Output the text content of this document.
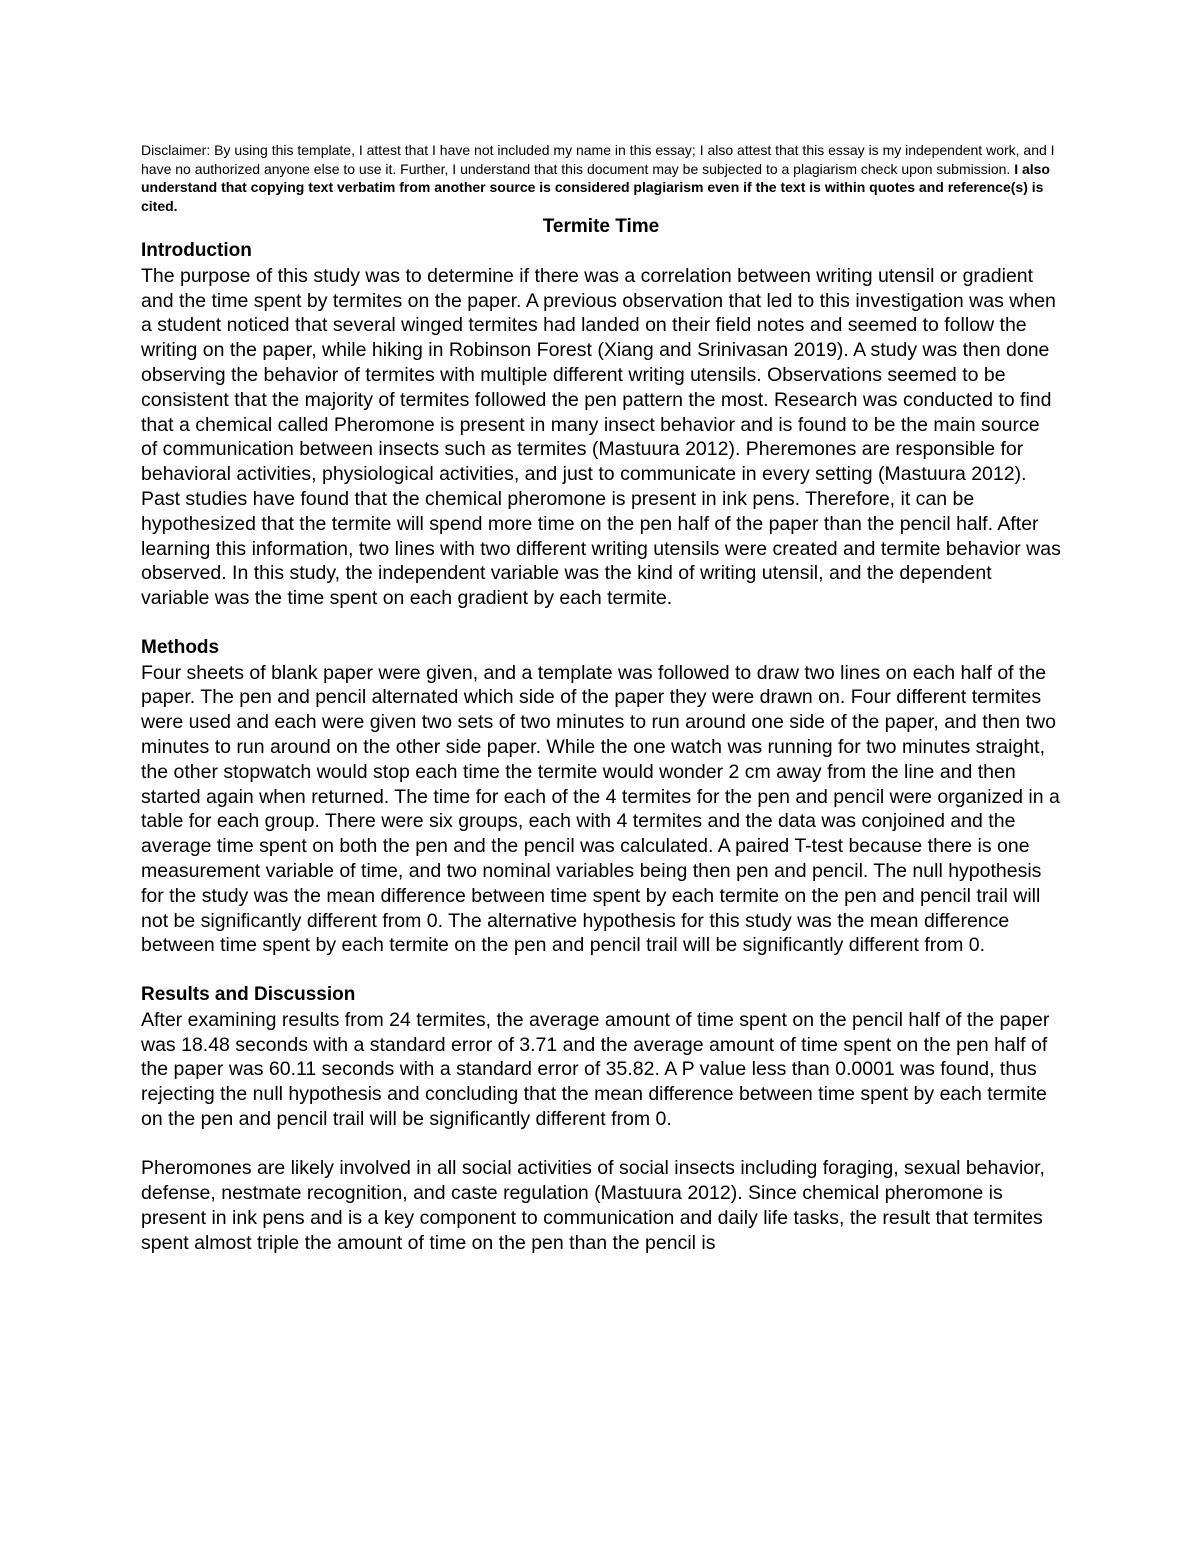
Disclaimer: By using this template, I attest that I have not included my name in this essay; I also attest that this essay is my independent work, and I have no authorized anyone else to use it. Further, I understand that this document may be subjected to a plagiarism check upon submission. I also understand that copying text verbatim from another source is considered plagiarism even if the text is within quotes and reference(s) is cited.

Termite Time
Introduction

The purpose of this study was to determine if there was a correlation between writing utensil or gradient and the time spent by termites on the paper. A previous observation that led to this investigation was when a student noticed that several winged termites had landed on their field notes and seemed to follow the writing on the paper, while hiking in Robinson Forest (Xiang and Srinivasan 2019). A study was then done observing the behavior of termites with multiple different writing utensils. Observations seemed to be consistent that the majority of termites followed the pen pattern the most. Research was conducted to find that a chemical called Pheromone is present in many insect behavior and is found to be the main source of communication between insects such as termites (Mastuura 2012). Pheremones are responsible for behavioral activities, physiological activities, and just to communicate in every setting (Mastuura 2012). Past studies have found that the chemical pheromone is present in ink pens. Therefore, it can be hypothesized that the termite will spend more time on the pen half of the paper than the pencil half. After learning this information, two lines with two different writing utensils were created and termite behavior was observed. In this study, the independent variable was the kind of writing utensil, and the dependent variable was the time spent on each gradient by each termite.

Methods

Four sheets of blank paper were given, and a template was followed to draw two lines on each half of the paper. The pen and pencil alternated which side of the paper they were drawn on. Four different termites were used and each were given two sets of two minutes to run around one side of the paper, and then two minutes to run around on the other side paper. While the one watch was running for two minutes straight, the other stopwatch would stop each time the termite would wonder 2 cm away from the line and then started again when returned. The time for each of the 4 termites for the pen and pencil were organized in a table for each group. There were six groups, each with 4 termites and the data was conjoined and the average time spent on both the pen and the pencil was calculated. A paired T-test because there is one measurement variable of time, and two nominal variables being then pen and pencil. The null hypothesis for the study was the mean difference between time spent by each termite on the pen and pencil trail will not be significantly different from 0. The alternative hypothesis for this study was the mean difference between time spent by each termite on the pen and pencil trail will be significantly different from 0.

Results and Discussion

After examining results from 24 termites, the average amount of time spent on the pencil half of the paper was 18.48 seconds with a standard error of 3.71 and the average amount of time spent on the pen half of the paper was 60.11 seconds with a standard error of 35.82. A P value less than 0.0001 was found, thus rejecting the null hypothesis and concluding that the mean difference between time spent by each termite on the pen and pencil trail will be significantly different from 0.

Pheromones are likely involved in all social activities of social insects including foraging, sexual behavior, defense, nestmate recognition, and caste regulation (Mastuura 2012). Since chemical pheromone is present in ink pens and is a key component to communication and daily life tasks, the result that termites spent almost triple the amount of time on the pen than the pencil is
